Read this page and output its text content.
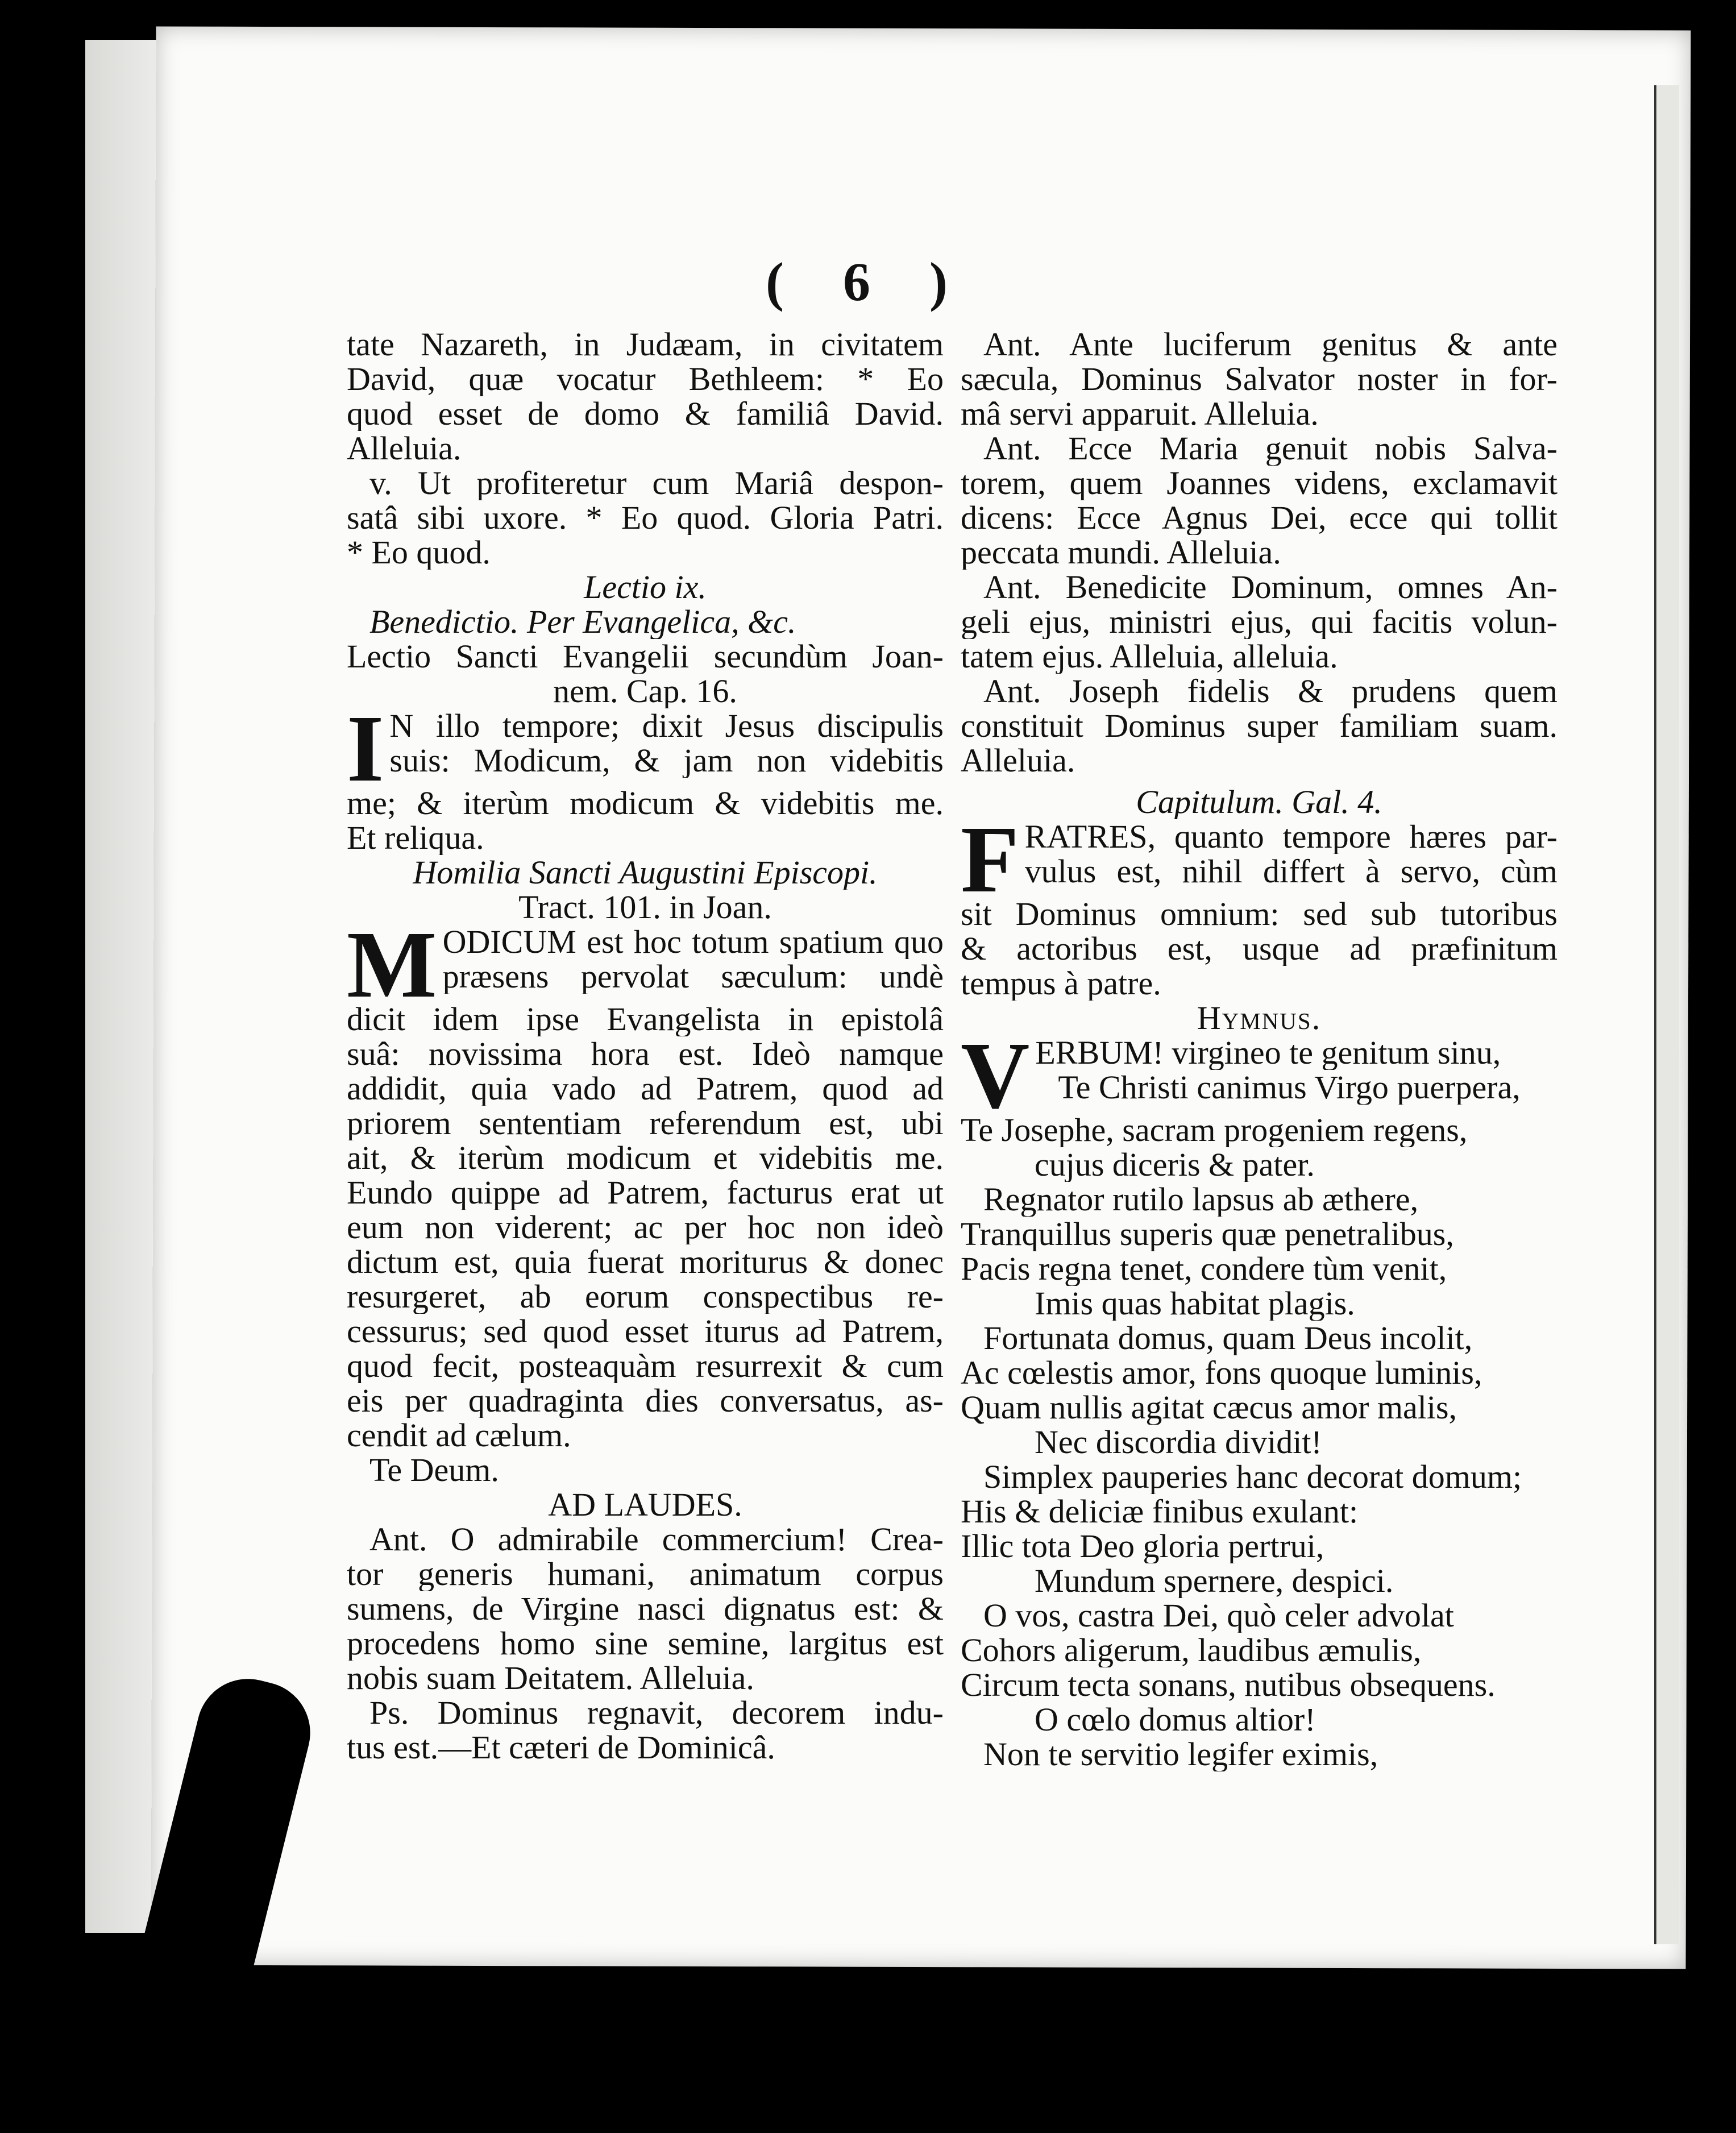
( 6 )
tate Nazareth, in Judæam, in civitatem
David, quæ vocatur Bethleem: * Eo
quod esset de domo & familiâ David.
Alleluia.
v. Ut profiteretur cum Mariâ despon-
satâ sibi uxore. * Eo quod. Gloria Patri.
* Eo quod.
Lectio ix.
Benedictio. Per Evangelica, &c.
Lectio Sancti Evangelii secundùm Joan-
nem. Cap. 16.
I N illo tempore; dixit Jesus discipulis
suis: Modicum, & jam non videbitis
me; & iterùm modicum & videbitis me.
Et reliqua.
Homilia Sancti Augustini Episcopi.
Tract. 101. in Joan.
M ODICUM est hoc totum spatium quo
præsens pervolat sæculum: undè
dicit idem ipse Evangelista in epistolâ
suâ: novissima hora est. Ideò namque
addidit, quia vado ad Patrem, quod ad
priorem sententiam referendum est, ubi
ait, & iterùm modicum et videbitis me.
Eundo quippe ad Patrem, facturus erat ut
eum non viderent; ac per hoc non ideò
dictum est, quia fuerat moriturus & donec
resurgeret, ab eorum conspectibus re-
cessurus; sed quod esset iturus ad Patrem,
quod fecit, posteaquàm resurrexit & cum
eis per quadraginta dies conversatus, as-
cendit ad cælum.
Te Deum.
AD LAUDES.
Ant. O admirabile commercium! Crea-
tor generis humani, animatum corpus
sumens, de Virgine nasci dignatus est: &
procedens homo sine semine, largitus est
nobis suam Deitatem. Alleluia.
Ps. Dominus regnavit, decorem indu-
tus est.—Et cæteri de Dominicâ.
Ant. Ante luciferum genitus & ante
sæcula, Dominus Salvator noster in for-
mâ servi apparuit. Alleluia.
Ant. Ecce Maria genuit nobis Salva-
torem, quem Joannes videns, exclamavit
dicens: Ecce Agnus Dei, ecce qui tollit
peccata mundi. Alleluia.
Ant. Benedicite Dominum, omnes An-
geli ejus, ministri ejus, qui facitis volun-
tatem ejus. Alleluia, alleluia.
Ant. Joseph fidelis & prudens quem
constituit Dominus super familiam suam.
Alleluia.
Capitulum. Gal. 4.
F RATRES, quanto tempore hæres par-
vulus est, nihil differt à servo, cùm
sit Dominus omnium: sed sub tutoribus
& actoribus est, usque ad præfinitum
tempus à patre.
Hymnus.
V ERBUM! virgineo te genitum sinu,
Te Christi canimus Virgo puerpera,
Te Josephe, sacram progeniem regens,
cujus diceris & pater.
Regnator rutilo lapsus ab æthere,
Tranquillus superis quæ penetralibus,
Pacis regna tenet, condere tùm venit,
Imis quas habitat plagis.
Fortunata domus, quam Deus incolit,
Ac cœlestis amor, fons quoque luminis,
Quam nullis agitat cæcus amor malis,
Nec discordia dividit!
Simplex pauperies hanc decorat domum;
His & deliciæ finibus exulant:
Illic tota Deo gloria pertrui,
Mundum spernere, despici.
O vos, castra Dei, quò celer advolat
Cohors aligerum, laudibus æmulis,
Circum tecta sonans, nutibus obsequens.
O cœlo domus altior!
Non te servitio legifer eximis,
